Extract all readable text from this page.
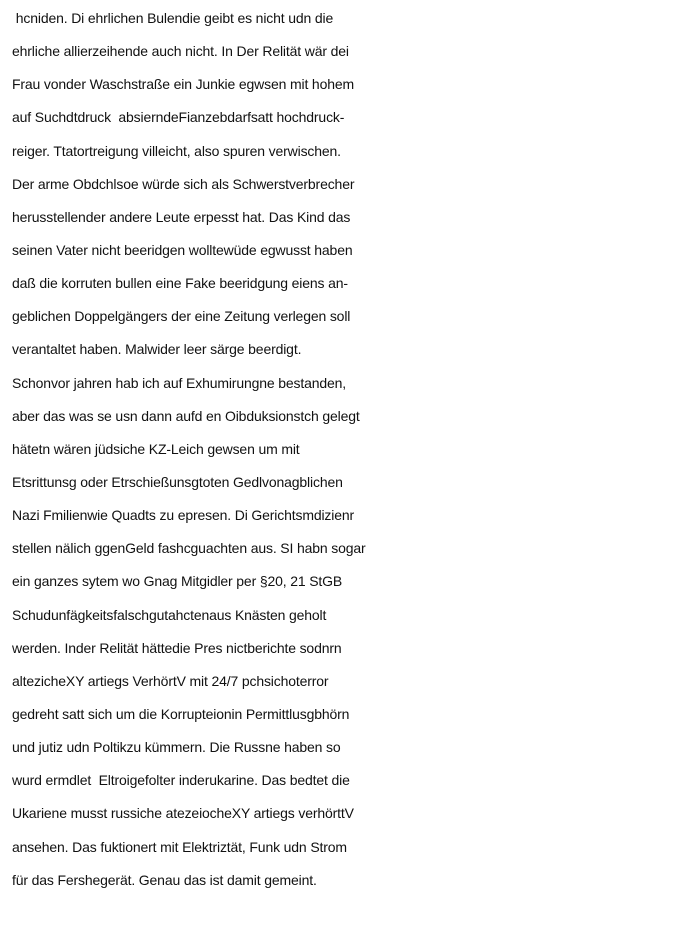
hcniden. Di ehrlichen Bulendie geibt es nicht udn die
ehrliche allierzeihende auch nicht. In Der Relität wär dei
Frau vonder Waschstraße ein Junkie egwsen mit hohem
auf Suchdtdruck  absierndeFianzebdarfsatt hochdruck-
reiger. Ttatortreigung villeicht, also spuren verwischen.
Der arme Obdchlsoe würde sich als Schwerstverbrecher
herusstellender andere Leute erpesst hat. Das Kind das
seinen Vater nicht beeridgen wolltewüde egwusst haben
daß die korruten bullen eine Fake beeridgung eiens an-
geblichen Doppelgängers der eine Zeitung verlegen soll
verantaltet haben. Malwider leer särge beerdigt.
Schonvor jahren hab ich auf Exhumirungne bestanden,
aber das was se usn dann aufd en Oibduksionstch gelegt
hätetn wären jüdsiche KZ-Leich gewsen um mit
Etsrittunsg oder Etrschießunsgtoten Gedlvonagblichen
Nazi Fmilienwie Quadts zu epresen. Di Gerichtsmdizienr
stellen nälich ggenGeld fashcguachten aus. SI habn sogar
ein ganzes sytem wo Gnag Mitgidler per §20, 21 StGB
Schudunfägkeitsfalschgutahctenaus Knästen geholt
werden. Inder Relität hättedie Pres nictberichte sodnrn
altezicheXY artiegs VerhörtV mit 24/7 pchsichoterror
gedreht satt sich um die Korrupteionin Permittlusgbhörn
und jutiz udn Poltikzu kümmern. Die Russne haben so
wurd ermdlet  Eltroigefolter inderukarine. Das bedtet die
Ukariene musst russiche atezeiocheXY artiegs verhörttV
ansehen. Das fuktionert mit Elektriztät, Funk udn Strom
für das Fershegerät. Genau das ist damit gemeint.
